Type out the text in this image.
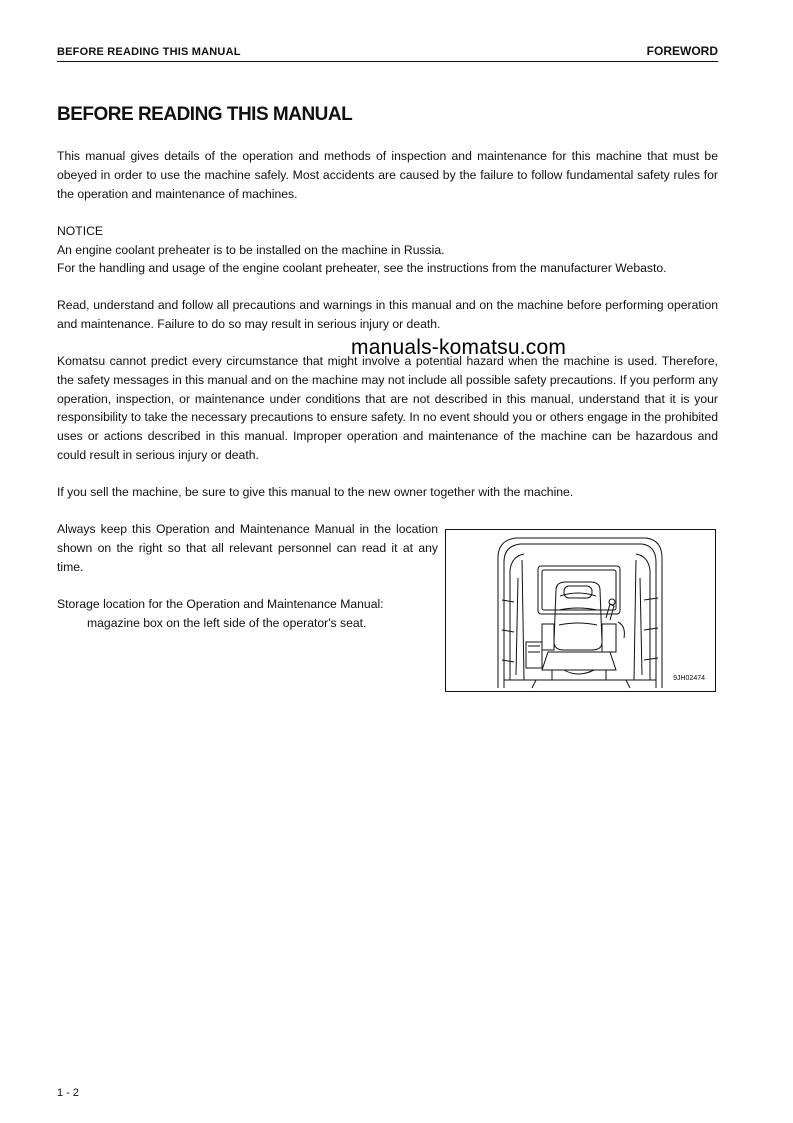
BEFORE READING THIS MANUAL	FOREWORD
BEFORE READING THIS MANUAL

This manual gives details of the operation and methods of inspection and maintenance for this machine that must be obeyed in order to use the machine safely. Most accidents are caused by the failure to follow fundamental safety rules for the operation and maintenance of machines.

NOTICE

An engine coolant preheater is to be installed on the machine in Russia.

For the handling and usage of the engine coolant preheater, see the instructions from the manufacturer Webasto.

Read, understand and follow all precautions and warnings in this manual and on the machine before performing operation and maintenance. Failure to do so may result in serious injury or death.

Komatsu cannot predict every circumstance that might involve a potential hazard when the machine is used. Therefore, the safety messages in this manual and on the machine may not include all possible safety precautions. If you perform any operation, inspection, or maintenance under conditions that are not described in this manual, understand that it is your responsibility to take the necessary precautions to ensure safety. In no event should you or others engage in the prohibited uses or actions described in this manual. Improper operation and maintenance of the machine can be hazardous and could result in serious injury or death.

manuals-komatsu.com

If you sell the machine, be sure to give this manual to the new owner together with the machine.

Always keep this Operation and Maintenance Manual in the location shown on the right so that all relevant personnel can read it at any time.

Storage location for the Operation and Maintenance Manual:

magazine box on the left side of the operator's seat.

9JH02474
1 - 2
